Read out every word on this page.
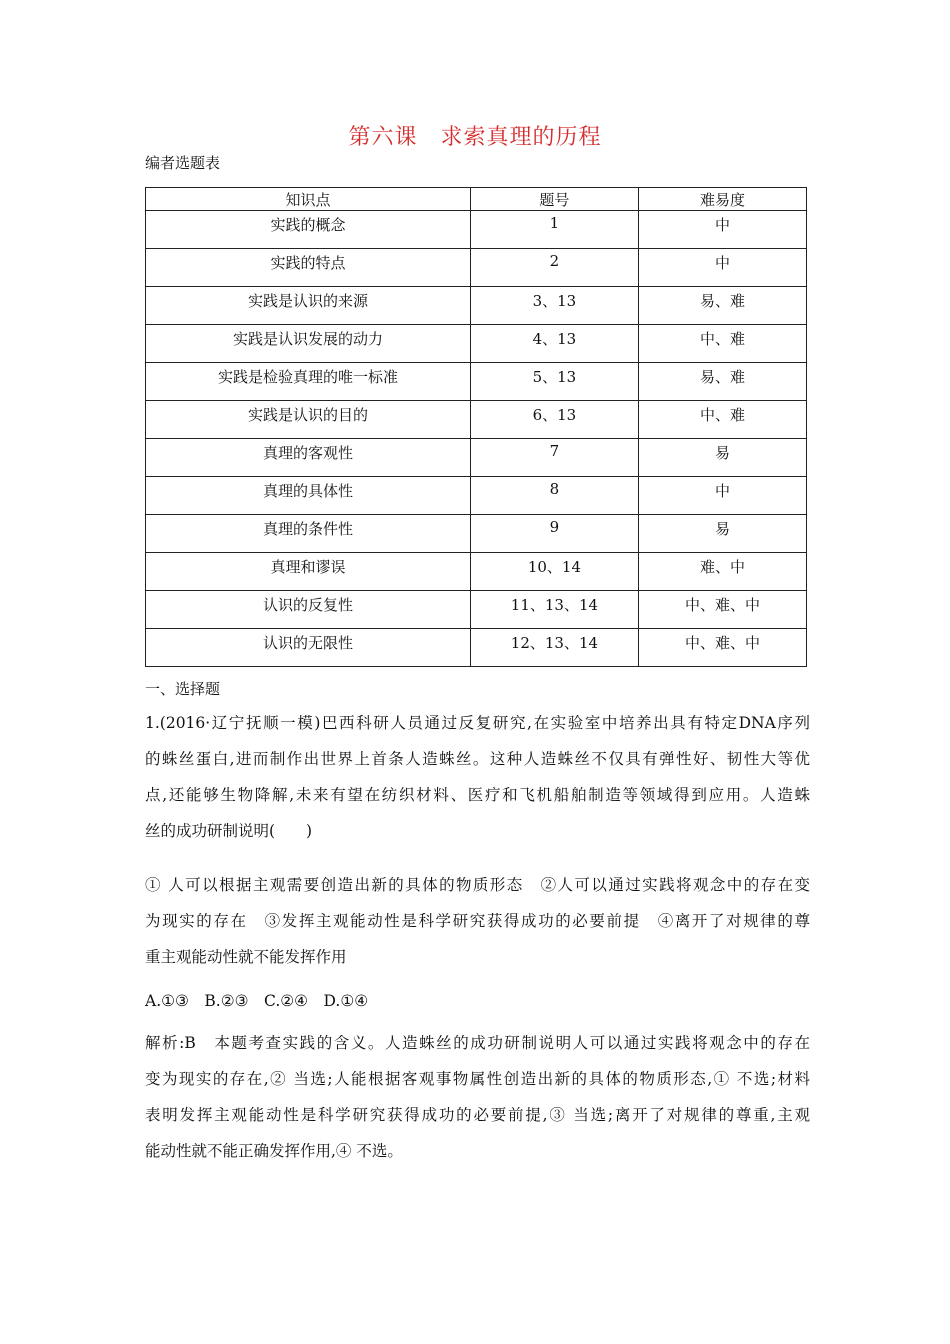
第六课　求索真理的历程
编者选题表
知识点	题号	难易度
实践的概念	1	中
实践的特点	2	中
实践是认识的来源	3、13	易、难
实践是认识发展的动力	4、13	中、难
实践是检验真理的唯一标准	5、13	易、难
实践是认识的目的	6、13	中、难
真理的客观性	7	易
真理的具体性	8	中
真理的条件性	9	易
真理和谬误	10、14	难、中
认识的反复性	11、13、14	中、难、中
认识的无限性	12、13、14	中、难、中
一、选择题

1.(2016·辽宁抚顺一模)巴西科研人员通过反复研究,在实验室中培养出具有特定DNA序列

的蛛丝蛋白,进而制作出世界上首条人造蛛丝。这种人造蛛丝不仅具有弹性好、韧性大等优

点,还能够生物降解,未来有望在纺织材料、医疗和飞机船舶制造等领域得到应用。人造蛛

丝的成功研制说明(　　)

① 人可以根据主观需要创造出新的具体的物质形态　②人可以通过实践将观念中的存在变

为现实的存在　③发挥主观能动性是科学研究获得成功的必要前提　④离开了对规律的尊

重主观能动性就不能发挥作用

A.①③　B.②③　C.②④　D.①④

解析:B　本题考查实践的含义。人造蛛丝的成功研制说明人可以通过实践将观念中的存在

变为现实的存在,② 当选;人能根据客观事物属性创造出新的具体的物质形态,① 不选;材料

表明发挥主观能动性是科学研究获得成功的必要前提,③ 当选;离开了对规律的尊重,主观

能动性就不能正确发挥作用,④ 不选。
